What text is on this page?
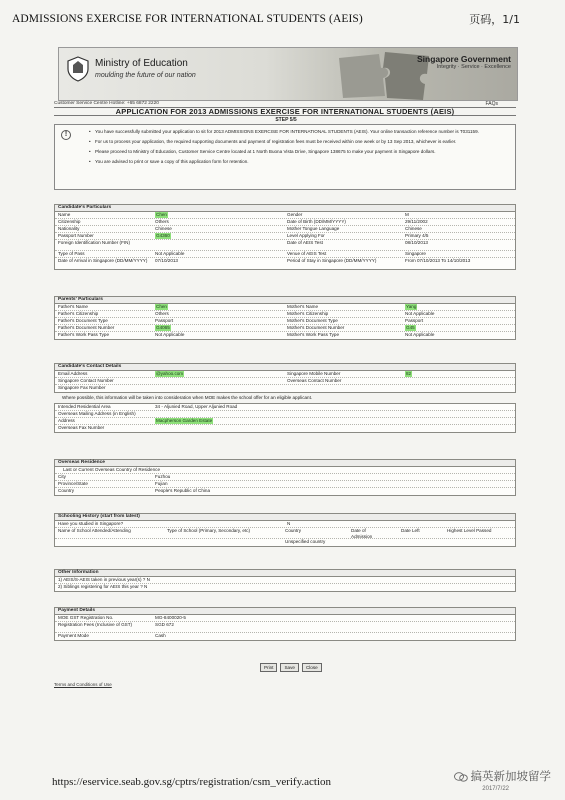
ADMISSIONS EXERCISE FOR INTERNATIONAL STUDENTS (AEIS)	页码，1/1
Ministry of Education
moulding the future of our nation
Singapore Government
Integrity · Service · Excellence
Customer Service Centre Hotline: +65 6872 2220	FAQs
APPLICATION FOR 2013 ADMISSIONS EXERCISE FOR INTERNATIONAL STUDENTS (AEIS)
STEP 5/5
!
•	You have successfully submitted your application to sit for 2013 ADMISSIONS EXERCISE FOR INTERNATIONAL STUDENTS (AEIS). Your online transaction reference number is T031159.
• For us to process your application, the required supporting documents and payment of registration fees must be received within one week or by 13 Sep 2013, whichever is earlier.
• Please proceed to Ministry of Education, Customer Service Centre located at 1 North Buona Vista Drive, Singapore 138675 to make your payment in Singapore dollars.
• You are advised to print or save a copy of this application form for retention.
Candidate's Particulars
Name	Chen	Gender	M
Citizenship	Others	Date of Birth (DD/MM/YYYY)	29/11/2002
Nationality	Chinese	Mother Tongue Language	Chinese
Passport Number	G4360	Level Applying For	Primary 4/5
Foreign Identification Number (FIN)	Date of AEIS Test	08/10/2013
Type of Pass	Not Applicable	Venue of AEIS Test	Singapore
Date of Arrival in Singapore (DD/MM/YYYY)	07/10/2013	Period of Stay in Singapore (DD/MM/YYYY)	From 07/10/2013 To 14/10/2013
Parents' Particulars
Father's Name	Chen	Mother's Name	Yang
Father's Citizenship	Others	Mother's Citizenship	Not Applicable
Father's Document Type	Passport	Mother's Document Type	Passport
Father's Document Number	G4065	Mother's Document Number	G45
Father's Work Pass Type	Not Applicable	Mother's Work Pass Type	Not Applicable
Candidate's Contact Details
Email Address	@yahoo.com	Singapore Mobile Number	82
Singapore Contact Number	Overseas Contact Number
Singapore Fax Number
Where possible, this information will be taken into consideration when MOE makes the school offer for an eligible applicant.
Intended Residential Area	34 - Aljunied Road, Upper Aljunied Road
Overseas Mailing Address (in English)
Address	Macpherson Garden Estate
Overseas Fax Number
Overseas Residence
Last or Current Overseas Country of Residence
City	Fuzhou
Province/State	Fujian
Country	People's Republic of China
Schooling History (start from latest)
Have you studied in Singapore?	N
Name of School Attended/Attending	Type of School (Primary, Secondary, etc)	Country	Date of Admission
Date Left	Highest Level Passed
Unspecified country
Other Information
1) AEIS/S-AEIS taken in previous year(s) ? N
2) Siblings registering for AEIS this year ? N
Payment Details
MOE GST Registration No.	MG-8400020-5
Registration Fees (Inclusive of GST)	SGD 672
Payment Mode	Cash
Print	Save	Close
Terms and Conditions of Use
https://eservice.seab.gov.sg/cptrs/registration/csm_verify.action	搞英新加坡留学
2017/7/22
